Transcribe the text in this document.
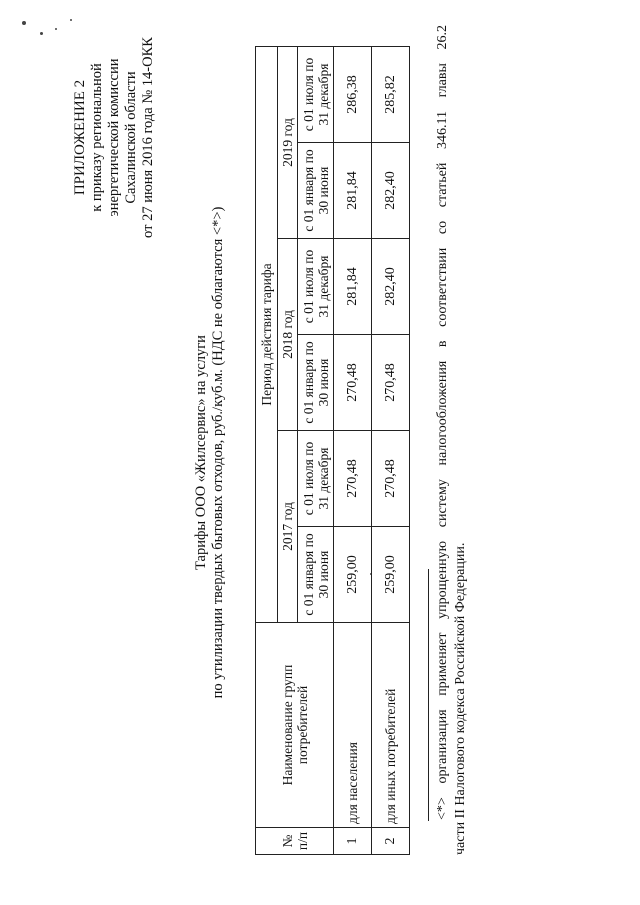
ПРИЛОЖЕНИЕ 2 к приказу региональной энергетической комиссии Сахалинской области от 27 июня 2016 года № 14-ОКК
Тарифы ООО «Жилсервис» на услуги по утилизации твердых бытовых отходов, руб./куб.м. (НДС не облагаются <*>)
№ п/п	Наименование групп потребителей	Период действия тарифа					
		2017 год		2018 год		2019 год	
		с 01 января по 30 июня	с 01 июля по 31 декабря	с 01 января по 30 июня	с 01 июля по 31 декабря	с 01 января по 30 июня	с 01 июля по 31 декабря
1	для населения	259,00	270,48	270,48	281,84	281,84	286,38
2	для иных потребителей	259,00	270,48	270,48	282,40	282,40	285,82	<*> организация применяет упрощенную систему налогообложения в соответствии со статьей 346.11 главы 26.2 части II Налогового кодекса Российской Федерации.
